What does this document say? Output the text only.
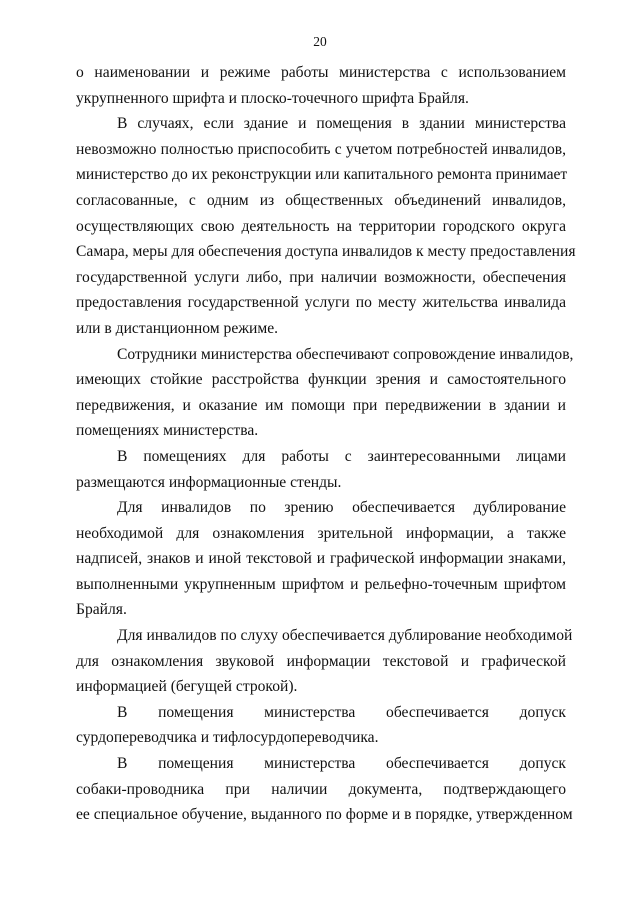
20
о наименовании и режиме работы министерства с использованием
укрупненного шрифта и плоско-точечного шрифта Брайля.
В случаях, если здание и помещения в здании министерства
невозможно полностью приспособить с учетом потребностей инвалидов,
министерство до их реконструкции или капитального ремонта принимает
согласованные, с одним из общественных объединений инвалидов,
осуществляющих свою деятельность на территории городского округа
Самара, меры для обеспечения доступа инвалидов к месту предоставления
государственной услуги либо, при наличии возможности, обеспечения
предоставления государственной услуги по месту жительства инвалида
или в дистанционном режиме.
Сотрудники министерства обеспечивают сопровождение инвалидов,
имеющих стойкие расстройства функции зрения и самостоятельного
передвижения, и оказание им помощи при передвижении в здании и
помещениях министерства.
В помещениях для работы с заинтересованными лицами
размещаются информационные стенды.
Для инвалидов по зрению обеспечивается дублирование
необходимой для ознакомления зрительной информации, а также
надписей, знаков и иной текстовой и графической информации знаками,
выполненными укрупненным шрифтом и рельефно-точечным шрифтом
Брайля.
Для инвалидов по слуху обеспечивается дублирование необходимой
для ознакомления звуковой информации текстовой и графической
информацией (бегущей строкой).
В помещения министерства обеспечивается допуск
сурдопереводчика и тифлосурдопереводчика.
В помещения министерства обеспечивается допуск
собаки-проводника при наличии документа, подтверждающего
ее специальное обучение, выданного по форме и в порядке, утвержденном
